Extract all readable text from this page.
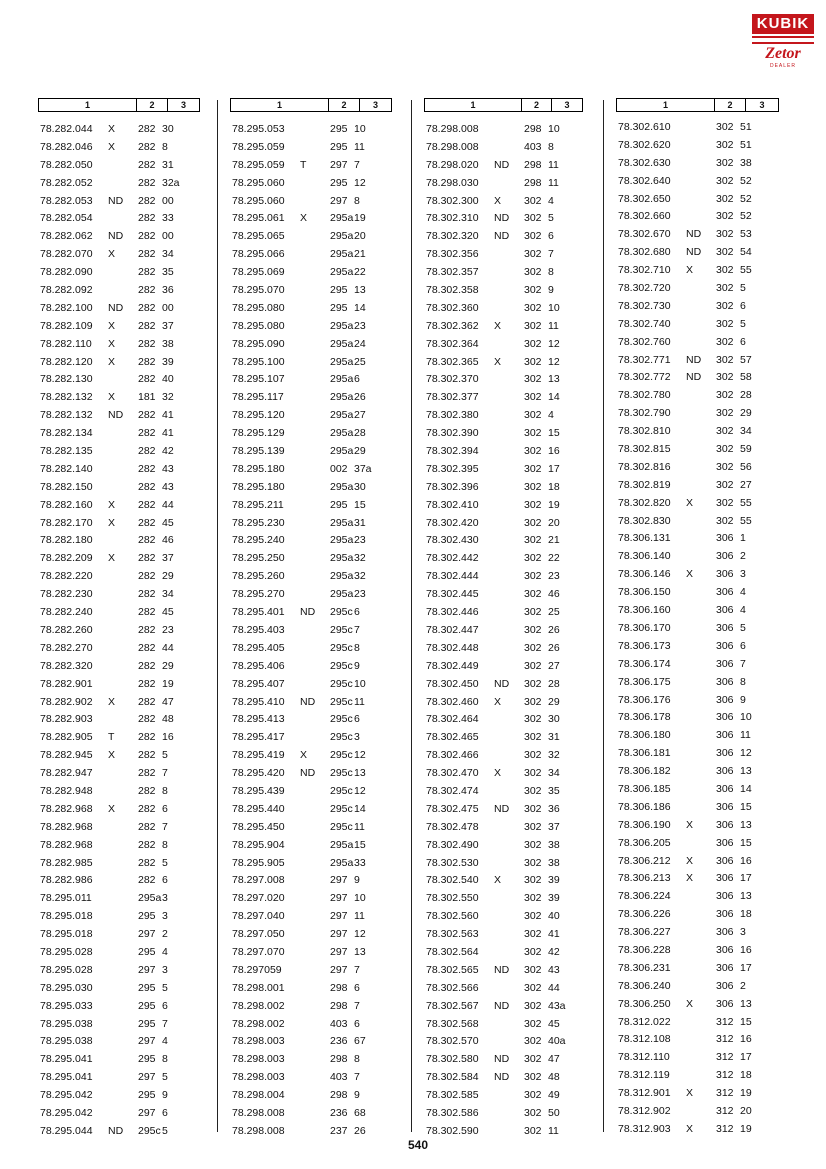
KUBIK
Zetor
DEALER
1	2	3
78.282.044 X 282 30
78.282.046 X 282 8
78.282.050	282 31
78.282.052	282 32a
78.282.053 ND 282 00
78.282.054	282 33
78.282.062 ND 282 00
78.282.070 X 282 34
78.282.090	282 35
78.282.092	282 36
78.282.100 ND 282 00
78.282.109 X 282 37
78.282.110 X 282 38
78.282.120 X 282 39
78.282.130	282 40
78.282.132 X 181 32
78.282.132 ND 282 41
78.282.134	282 41
78.282.135	282 42
78.282.140	282 43
78.282.150	282 43
78.282.160 X 282 44
78.282.170 X 282 45
78.282.180	282 46
78.282.209 X 282 37
78.282.220	282 29
78.282.230	282 34
78.282.240	282 45
78.282.260	282 23
78.282.270	282 44
78.282.320	282 29
78.282.901	282 19
78.282.902 X 282 47
78.282.903	282 48
78.282.905 T 282 16
78.282.945 X 282 5
78.282.947	282 7
78.282.948	282 8
78.282.968 X 282 6
78.282.968	282 7
78.282.968	282 8
78.282.985	282 5
78.282.986	282 6
78.295.011	295a 3
78.295.018	295 3
78.295.018	297 2
78.295.028	295 4
78.295.028	297 3
78.295.030	295 5
78.295.033	295 6
78.295.038	295 7
78.295.038	297 4
78.295.041	295 8
78.295.041	297 5
78.295.042	295 9
78.295.042	297 6
78.295.044 ND 295c 5
1	2	3
78.295.053	295 10
78.295.059	295 11
78.295.059 T 297 7
78.295.060	295 12
78.295.060	297 8
78.295.061 X 295a 19
78.295.065	295a 20
78.295.066	295a 21
78.295.069	295a 22
78.295.070	295 13
78.295.080	295 14
78.295.080	295a 23
78.295.090	295a 24
78.295.100	295a 25
78.295.107	295a 6
78.295.117	295a 26
78.295.120	295a 27
78.295.129	295a 28
78.295.139	295a 29
78.295.180	002 37a
78.295.180	295a 30
78.295.211	295 15
78.295.230	295a 31
78.295.240	295a 23
78.295.250	295a 32
78.295.260	295a 32
78.295.270	295a 23
78.295.401 ND 295c 6
78.295.403	295c 7
78.295.405	295c 8
78.295.406	295c 9
78.295.407	295c 10
78.295.410 ND 295c 11
78.295.413	295c 6
78.295.417	295c 3
78.295.419 X 295c 12
78.295.420 ND 295c 13
78.295.439	295c 12
78.295.440	295c 14
78.295.450	295c 11
78.295.904	295a 15
78.295.905	295a 33
78.297.008	297 9
78.297.020	297 10
78.297.040	297 11
78.297.050	297 12
78.297.070	297 13
78.297059	297 7
78.298.001	298 6
78.298.002	298 7
78.298.002	403 6
78.298.003	236 67
78.298.003	298 8
78.298.003	403 7
78.298.004	298 9
78.298.008	236 68
78.298.008	237 26
1	2	3
78.298.008	298 10
78.298.008	403 8
78.298.020 ND 298 11
78.298.030	298 11
78.302.300 X 302 4
78.302.310 ND 302 5
78.302.320 ND 302 6
78.302.356	302 7
78.302.357	302 8
78.302.358	302 9
78.302.360	302 10
78.302.362 X 302 11
78.302.364	302 12
78.302.365 X 302 12
78.302.370	302 13
78.302.377	302 14
78.302.380	302 4
78.302.390	302 15
78.302.394	302 16
78.302.395	302 17
78.302.396	302 18
78.302.410	302 19
78.302.420	302 20
78.302.430	302 21
78.302.442	302 22
78.302.444	302 23
78.302.445	302 46
78.302.446	302 25
78.302.447	302 26
78.302.448	302 26
78.302.449	302 27
78.302.450 ND 302 28
78.302.460 X 302 29
78.302.464	302 30
78.302.465	302 31
78.302.466	302 32
78.302.470 X 302 34
78.302.474	302 35
78.302.475 ND 302 36
78.302.478	302 37
78.302.490	302 38
78.302.530	302 38
78.302.540 X 302 39
78.302.550	302 39
78.302.560	302 40
78.302.563	302 41
78.302.564	302 42
78.302.565 ND 302 43
78.302.566	302 44
78.302.567 ND 302 43a
78.302.568	302 45
78.302.570	302 40a
78.302.580 ND 302 47
78.302.584 ND 302 48
78.302.585	302 49
78.302.586	302 50
78.302.590	302 11
1	2	3
78.302.610	302 51
78.302.620	302 51
78.302.630	302 38
78.302.640	302 52
78.302.650	302 52
78.302.660	302 52
78.302.670 ND 302 53
78.302.680 ND 302 54
78.302.710 X 302 55
78.302.720	302 5
78.302.730	302 6
78.302.740	302 5
78.302.760	302 6
78.302.771 ND 302 57
78.302.772 ND 302 58
78.302.780	302 28
78.302.790	302 29
78.302.810	302 34
78.302.815	302 59
78.302.816	302 56
78.302.819	302 27
78.302.820 X 302 55
78.302.830	302 55
78.306.131	306 1
78.306.140	306 2
78.306.146 X 306 3
78.306.150	306 4
78.306.160	306 4
78.306.170	306 5
78.306.173	306 6
78.306.174	306 7
78.306.175	306 8
78.306.176	306 9
78.306.178	306 10
78.306.180	306 11
78.306.181	306 12
78.306.182	306 13
78.306.185	306 14
78.306.186	306 15
78.306.190 X 306 13
78.306.205	306 15
78.306.212 X 306 16
78.306.213 X 306 17
78.306.224	306 13
78.306.226	306 18
78.306.227	306 3
78.306.228	306 16
78.306.231	306 17
78.306.240	306 2
78.306.250 X 306 13
78.312.022	312 15
78.312.108	312 16
78.312.110	312 17
78.312.119	312 18
78.312.901 X 312 19
78.312.902	312 20
78.312.903 X 312 19
540
